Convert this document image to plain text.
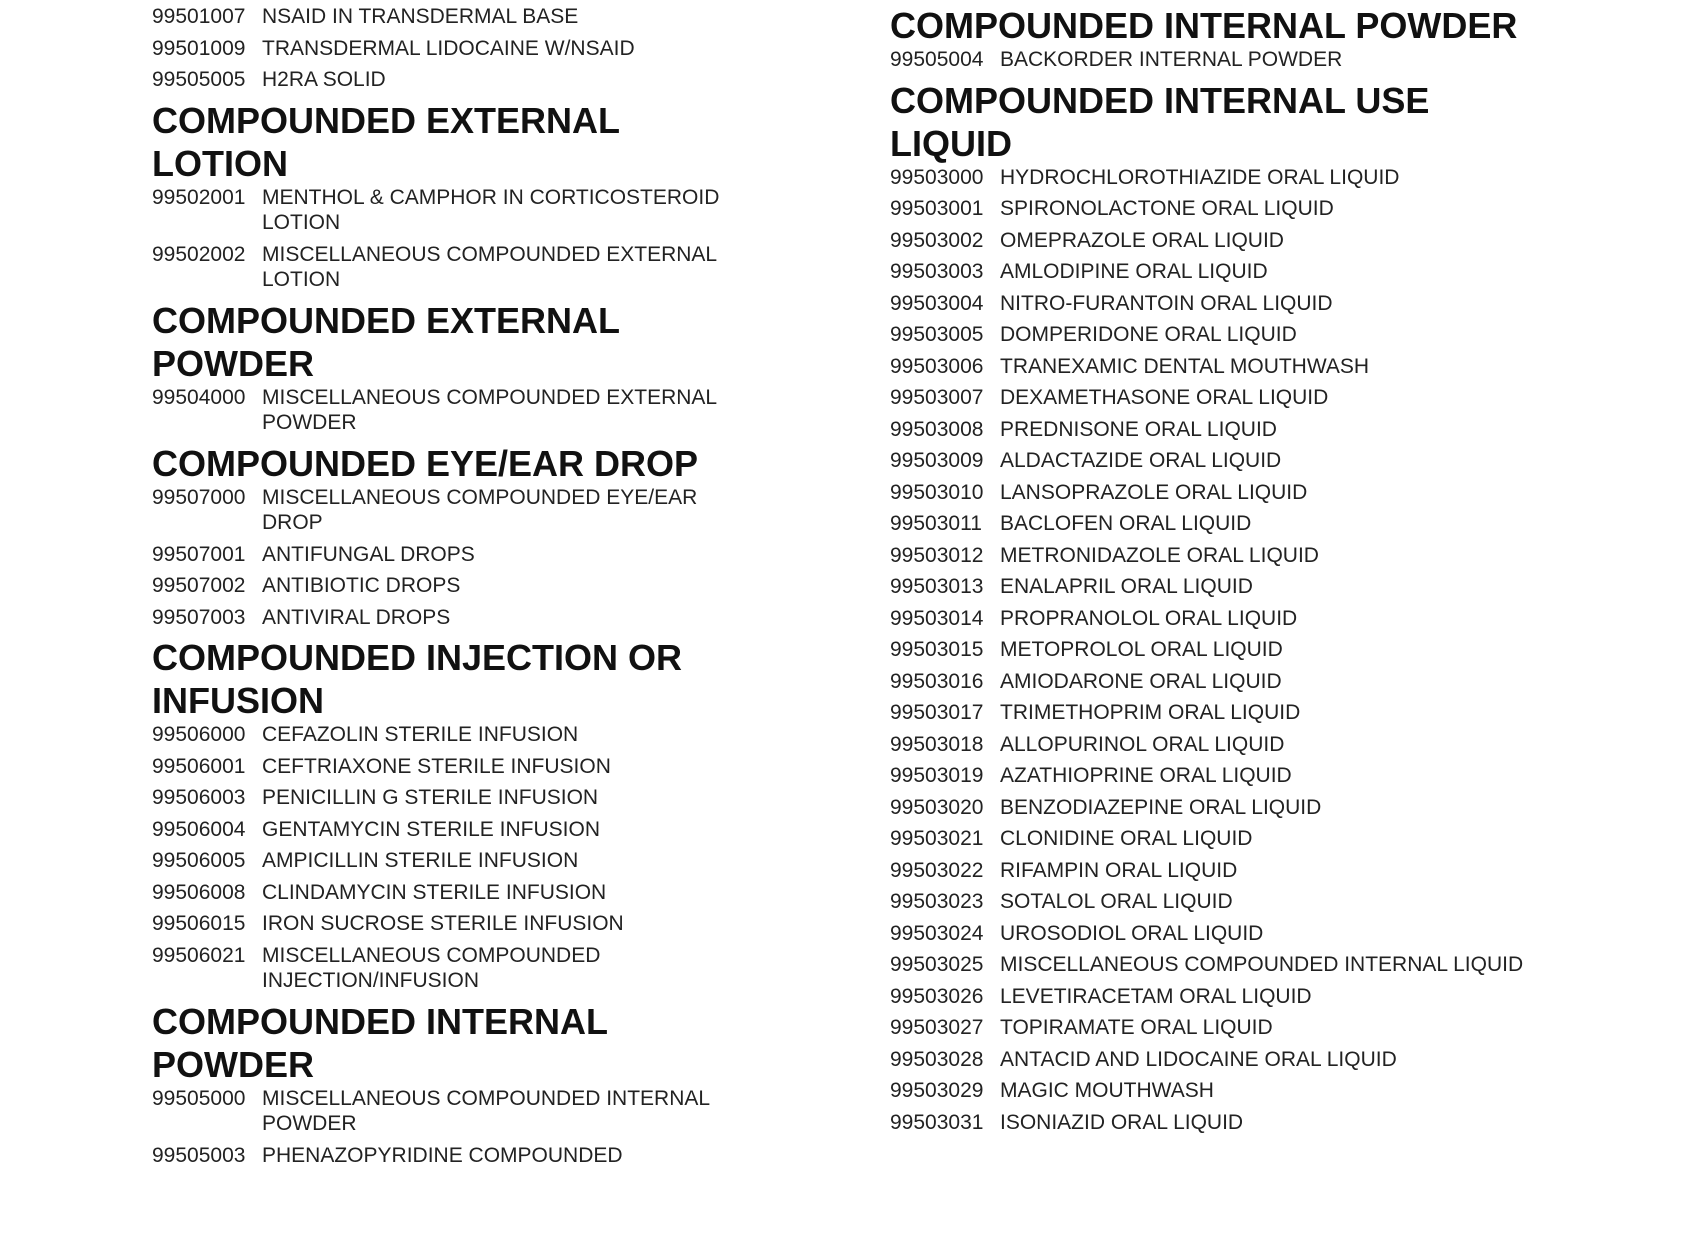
99501007 NSAID IN TRANSDERMAL BASE
99501009 TRANSDERMAL LIDOCAINE W/NSAID
99505005 H2RA SOLID
COMPOUNDED EXTERNAL LOTION
99502001 MENTHOL & CAMPHOR IN CORTICOSTEROID LOTION
99502002 MISCELLANEOUS COMPOUNDED EXTERNAL LOTION
COMPOUNDED EXTERNAL POWDER
99504000 MISCELLANEOUS COMPOUNDED EXTERNAL POWDER
COMPOUNDED EYE/EAR DROP
99507000 MISCELLANEOUS COMPOUNDED EYE/EAR DROP
99507001 ANTIFUNGAL DROPS
99507002 ANTIBIOTIC DROPS
99507003 ANTIVIRAL DROPS
COMPOUNDED INJECTION OR INFUSION
99506000 CEFAZOLIN STERILE INFUSION
99506001 CEFTRIAXONE STERILE INFUSION
99506003 PENICILLIN G STERILE INFUSION
99506004 GENTAMYCIN STERILE INFUSION
99506005 AMPICILLIN STERILE INFUSION
99506008 CLINDAMYCIN STERILE INFUSION
99506015 IRON SUCROSE STERILE INFUSION
99506021 MISCELLANEOUS COMPOUNDED INJECTION/INFUSION
COMPOUNDED INTERNAL POWDER
99505000 MISCELLANEOUS COMPOUNDED INTERNAL POWDER
99505003 PHENAZOPYRIDINE COMPOUNDED
COMPOUNDED INTERNAL POWDER
99505004 BACKORDER INTERNAL POWDER
COMPOUNDED INTERNAL USE LIQUID
99503000 HYDROCHLOROTHIAZIDE ORAL LIQUID
99503001 SPIRONOLACTONE ORAL LIQUID
99503002 OMEPRAZOLE ORAL LIQUID
99503003 AMLODIPINE ORAL LIQUID
99503004 NITRO-FURANTOIN ORAL LIQUID
99503005 DOMPERIDONE ORAL LIQUID
99503006 TRANEXAMIC DENTAL MOUTHWASH
99503007 DEXAMETHASONE ORAL LIQUID
99503008 PREDNISONE ORAL LIQUID
99503009 ALDACTAZIDE ORAL LIQUID
99503010 LANSOPRAZOLE ORAL LIQUID
99503011 BACLOFEN ORAL LIQUID
99503012 METRONIDAZOLE ORAL LIQUID
99503013 ENALAPRIL ORAL LIQUID
99503014 PROPRANOLOL ORAL LIQUID
99503015 METOPROLOL ORAL LIQUID
99503016 AMIODARONE ORAL LIQUID
99503017 TRIMETHOPRIM ORAL LIQUID
99503018 ALLOPURINOL ORAL LIQUID
99503019 AZATHIOPRINE ORAL LIQUID
99503020 BENZODIAZEPINE ORAL LIQUID
99503021 CLONIDINE ORAL LIQUID
99503022 RIFAMPIN ORAL LIQUID
99503023 SOTALOL ORAL LIQUID
99503024 UROSODIOL ORAL LIQUID
99503025 MISCELLANEOUS COMPOUNDED INTERNAL LIQUID
99503026 LEVETIRACETAM ORAL LIQUID
99503027 TOPIRAMATE ORAL LIQUID
99503028 ANTACID AND LIDOCAINE ORAL LIQUID
99503029 MAGIC MOUTHWASH
99503031 ISONIAZID ORAL LIQUID
